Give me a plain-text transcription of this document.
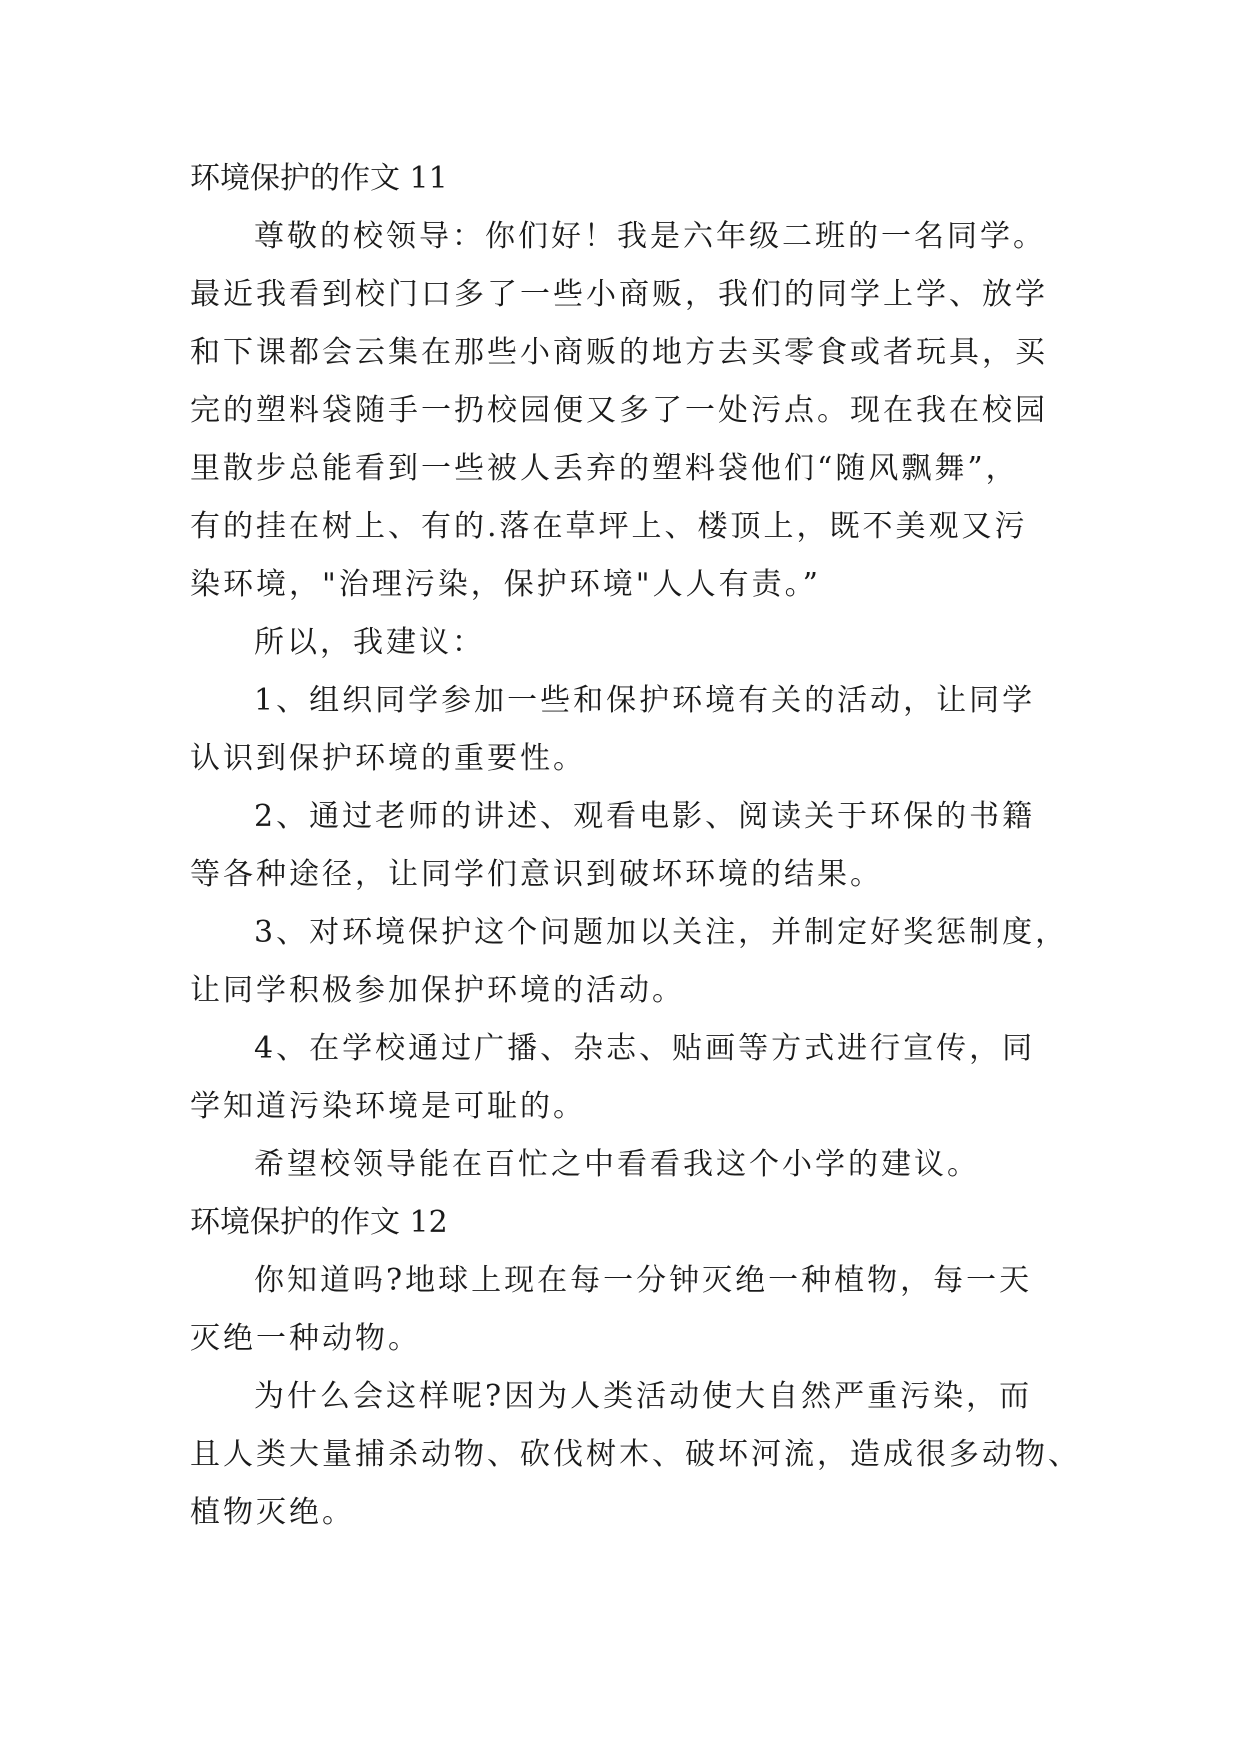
环境保护的作文 11

尊敬的校领导：你们好！我是六年级二班的一名同学。

最近我看到校门口多了一些小商贩，我们的同学上学、放学

和下课都会云集在那些小商贩的地方去买零食或者玩具，买

完的塑料袋随手一扔校园便又多了一处污点。现在我在校园

里散步总能看到一些被人丢弃的塑料袋他们“随风飘舞”，

有的挂在树上、有的.落在草坪上、楼顶上，既不美观又污

染环境，"治理污染，保护环境"人人有责。”

所以，我建议：

1、组织同学参加一些和保护环境有关的活动，让同学

认识到保护环境的重要性。

2、通过老师的讲述、观看电影、阅读关于环保的书籍

等各种途径，让同学们意识到破坏环境的结果。

3、对环境保护这个问题加以关注，并制定好奖惩制度，

让同学积极参加保护环境的活动。

4、在学校通过广播、杂志、贴画等方式进行宣传，同

学知道污染环境是可耻的。

希望校领导能在百忙之中看看我这个小学的建议。

环境保护的作文 12

你知道吗?地球上现在每一分钟灭绝一种植物，每一天

灭绝一种动物。

为什么会这样呢?因为人类活动使大自然严重污染，而

且人类大量捕杀动物、砍伐树木、破坏河流，造成很多动物、

植物灭绝。
